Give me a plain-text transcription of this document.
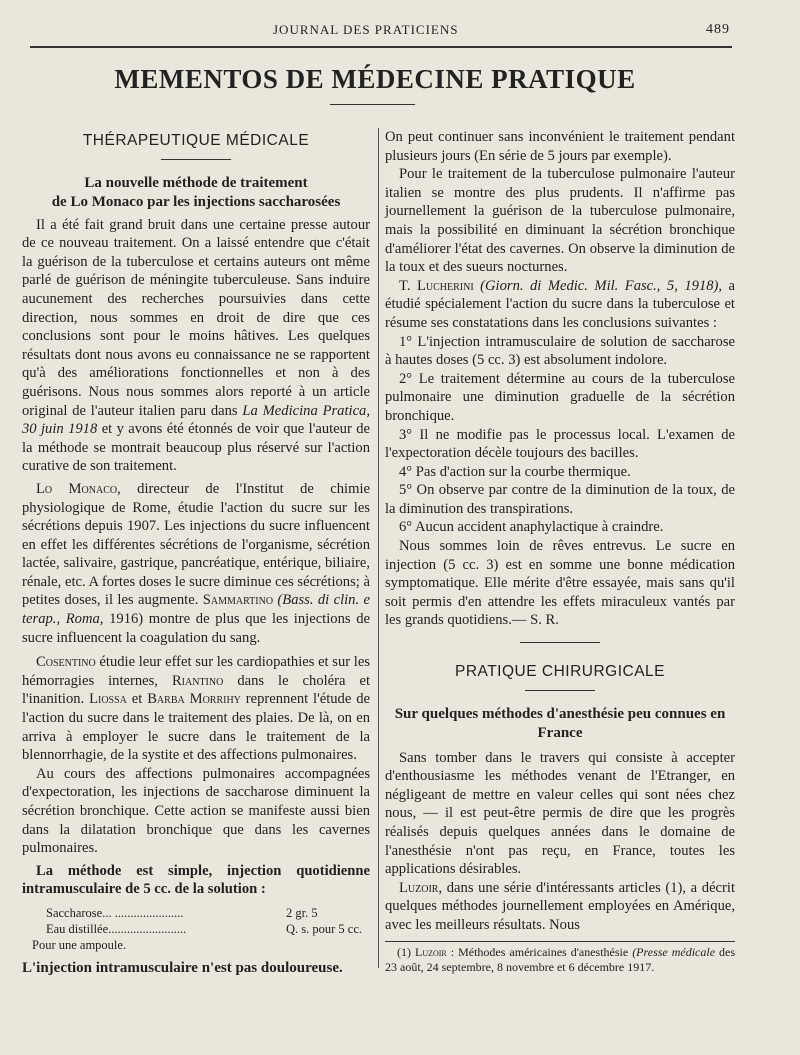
JOURNAL DES PRATICIENS	489
MEMENTOS DE MÉDECINE PRATIQUE
THÉRAPEUTIQUE MÉDICALE
La nouvelle méthode de traitement
de Lo Monaco par les injections saccharosées

Il a été fait grand bruit dans une certaine presse autour de ce nouveau traitement. On a laissé entendre que c'était la guérison de la tuberculose et certains auteurs ont même parlé de guérison de méningite tuberculeuse. Sans induire aucunement des recherches poursuivies dans cette direction, nous sommes en droit de dire que ces conclusions sont pour le moins hâtives. Les quelques résultats dont nous avons eu connaissance ne se rapportent qu'à des améliorations fonctionnelles et non à des guérisons. Nous nous sommes alors reporté à un article original de l'auteur italien paru dans La Medicina Pratica, 30 juin 1918 et y avons été étonnés de voir que l'auteur de la méthode se montrait beaucoup plus réservé sur l'action curative de son traitement.

Lo Monaco, directeur de l'Institut de chimie physiologique de Rome, étudie l'action du sucre sur les sécrétions depuis 1907. Les injections du sucre influencent en effet les différentes sécrétions de l'organisme, sécrétion lactée, salivaire, gastrique, pancréatique, entérique, biliaire, rénale, etc. A fortes doses le sucre diminue ces sécrétions; à petites doses, il les augmente. Sammartino (Bass. di clin. e terap., Roma, 1916) montre de plus que les injections de sucre influencent la coagulation du sang.

Cosentino étudie leur effet sur les cardiopathies et sur les hémorragies internes, Riantino dans le choléra et l'inanition. Liossa et Barba Morrihy reprennent l'étude de l'action du sucre dans le traitement des plaies. De là, on en arriva à employer le sucre dans le traitement de la blennorrhagie, de la systite et des affections pulmonaires.

Au cours des affections pulmonaires accompagnées d'expectoration, les injections de saccharose diminuent la sécrétion bronchique. Cette action se manifeste aussi bien dans la dilatation bronchique que dans les cavernes pulmonaires.

La méthode est simple, injection quotidienne intramusculaire de 5 cc. de la solution :

Saccharose... ......................	2 gr. 5
Eau distillée.........................	Q. s. pour 5 cc.
Pour une ampoule.

L'injection intramusculaire n'est pas douloureuse.

On peut continuer sans inconvénient le traitement pendant plusieurs jours (En série de 5 jours par exemple).

Pour le traitement de la tuberculose pulmonaire l'auteur italien se montre des plus prudents. Il n'affirme pas journellement la guérison de la tuberculose pulmonaire, mais la possibilité en diminuant la sécrétion bronchique d'améliorer l'état des cavernes. On observe la diminution de la toux et des sueurs nocturnes.

T. Lucherini (Giorn. di Medic. Mil. Fasc., 5, 1918), a étudié spécialement l'action du sucre dans la tuberculose et résume ses constatations dans les conclusions suivantes :

1° L'injection intramusculaire de solution de saccharose à hautes doses (5 cc. 3) est absolument indolore.

2° Le traitement détermine au cours de la tuberculose pulmonaire une diminution graduelle de la sécrétion bronchique.

3° Il ne modifie pas le processus local. L'examen de l'expectoration décèle toujours des bacilles.

4° Pas d'action sur la courbe thermique.

5° On observe par contre de la diminution de la toux, de la diminution des transpirations.

6° Aucun accident anaphylactique à craindre.

Nous sommes loin de rêves entrevus. Le sucre en injection (5 cc. 3) est en somme une bonne médication symptomatique. Elle mérite d'être essayée, mais sans qu'il soit permis d'en attendre les effets miraculeux vantés par les grands quotidiens.— S. R.

PRATIQUE CHIRURGICALE
Sur quelques méthodes d'anesthésie peu connues en France

Sans tomber dans le travers qui consiste à accepter d'enthousiasme les méthodes venant de l'Etranger, en négligeant de mettre en valeur celles qui sont nées chez nous, — il est peut-être permis de dire que les progrès réalisés depuis quelques années dans le domaine de l'anesthésie n'ont pas reçu, en France, toutes les applications désirables.

Luzoir, dans une série d'intéressants articles (1), a décrit quelques méthodes journellement employées en Amérique, avec les meilleurs résultats. Nous

(1) Luzoir : Méthodes américaines d'anesthésie (Presse médicale des 23 août, 24 septembre, 8 novembre et 6 décembre 1917.
